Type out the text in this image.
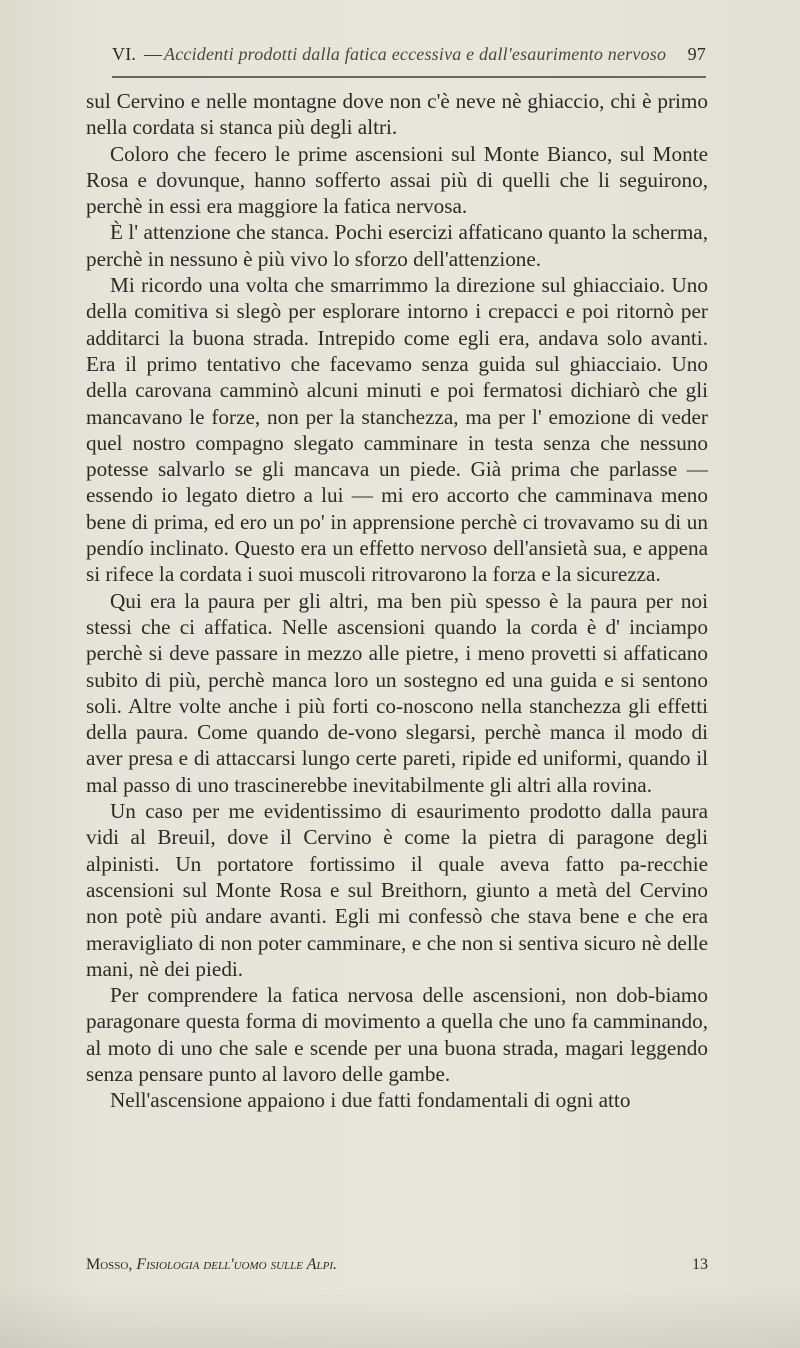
VI. — Accidenti prodotti dalla fatica eccessiva e dall'esaurimento nervoso 97

sul Cervino e nelle montagne dove non c'è neve nè ghiaccio, chi è primo nella cordata si stanca più degli altri.

Coloro che fecero le prime ascensioni sul Monte Bianco, sul Monte Rosa e dovunque, hanno sofferto assai più di quelli che li seguirono, perchè in essi era maggiore la fatica nervosa.

È l' attenzione che stanca. Pochi esercizi affaticano quanto la scherma, perchè in nessuno è più vivo lo sforzo dell'attenzione.

Mi ricordo una volta che smarrimmo la direzione sul ghiacciaio. Uno della comitiva si slegò per esplorare intorno i crepacci e poi ritornò per additarci la buona strada. Intrepido come egli era, andava solo avanti. Era il primo tentativo che facevamo senza guida sul ghiacciaio. Uno della carovana camminò alcuni minuti e poi fermatosi dichiarò che gli mancavano le forze, non per la stanchezza, ma per l' emozione di veder quel nostro compagno slegato camminare in testa senza che nessuno potesse salvarlo se gli mancava un piede. Già prima che parlasse — essendo io legato dietro a lui — mi ero accorto che camminava meno bene di prima, ed ero un po' in apprensione perchè ci trovavamo su di un pendío inclinato. Questo era un effetto nervoso dell'ansietà sua, e appena si rifece la cordata i suoi muscoli ritrovarono la forza e la sicurezza.

Qui era la paura per gli altri, ma ben più spesso è la paura per noi stessi che ci affatica. Nelle ascensioni quando la corda è d' inciampo perchè si deve passare in mezzo alle pietre, i meno provetti si affaticano subito di più, perchè manca loro un sostegno ed una guida e si sentono soli. Altre volte anche i più forti co-noscono nella stanchezza gli effetti della paura. Come quando de-vono slegarsi, perchè manca il modo di aver presa e di attaccarsi lungo certe pareti, ripide ed uniformi, quando il mal passo di uno trascinerebbe inevitabilmente gli altri alla rovina.

Un caso per me evidentissimo di esaurimento prodotto dalla paura vidi al Breuil, dove il Cervino è come la pietra di paragone degli alpinisti. Un portatore fortissimo il quale aveva fatto pa-recchie ascensioni sul Monte Rosa e sul Breithorn, giunto a metà del Cervino non potè più andare avanti. Egli mi confessò che stava bene e che era meravigliato di non poter camminare, e che non si sentiva sicuro nè delle mani, nè dei piedi.

Per comprendere la fatica nervosa delle ascensioni, non dob-biamo paragonare questa forma di movimento a quella che uno fa camminando, al moto di uno che sale e scende per una buona strada, magari leggendo senza pensare punto al lavoro delle gambe.

Nell'ascensione appaiono i due fatti fondamentali di ogni atto

Mosso, Fisiologia dell'uomo sulle Alpi.	13
